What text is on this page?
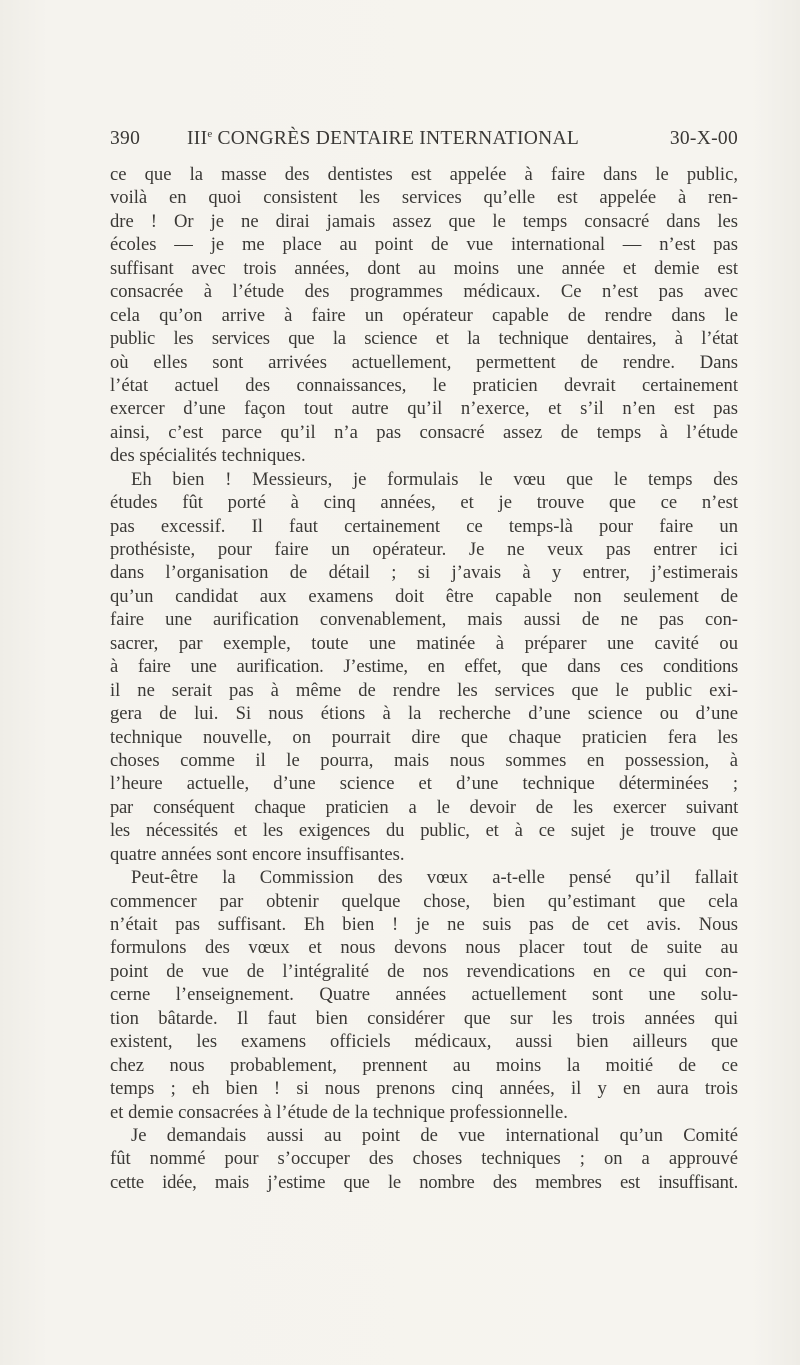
390 IIIe CONGRÈS DENTAIRE INTERNATIONAL	30-X-00
ce que la masse des dentistes est appelée à faire dans le public,
voilà en quoi consistent les services qu’elle est appelée à ren-
dre ! Or je ne dirai jamais assez que le temps consacré dans les
écoles — je me place au point de vue international — n’est pas
suffisant avec trois années, dont au moins une année et demie est
consacrée à l’étude des programmes médicaux. Ce n’est pas avec
cela qu’on arrive à faire un opérateur capable de rendre dans le
public les services que la science et la technique dentaires, à l’état
où elles sont arrivées actuellement, permettent de rendre. Dans
l’état actuel des connaissances, le praticien devrait certainement
exercer d’une façon tout autre qu’il n’exerce, et s’il n’en est pas
ainsi, c’est parce qu’il n’a pas consacré assez de temps à l’étude
des spécialités techniques.
Eh bien ! Messieurs, je formulais le vœu que le temps des
études fût porté à cinq années, et je trouve que ce n’est
pas excessif. Il faut certainement ce temps-là pour faire un
prothésiste, pour faire un opérateur. Je ne veux pas entrer ici
dans l’organisation de détail ; si j’avais à y entrer, j’estimerais
qu’un candidat aux examens doit être capable non seulement de
faire une aurification convenablement, mais aussi de ne pas con-
sacrer, par exemple, toute une matinée à préparer une cavité ou
à faire une aurification. J’estime, en effet, que dans ces conditions
il ne serait pas à même de rendre les services que le public exi-
gera de lui. Si nous étions à la recherche d’une science ou d’une
technique nouvelle, on pourrait dire que chaque praticien fera les
choses comme il le pourra, mais nous sommes en possession, à
l’heure actuelle, d’une science et d’une technique déterminées ;
par conséquent chaque praticien a le devoir de les exercer suivant
les nécessités et les exigences du public, et à ce sujet je trouve que
quatre années sont encore insuffisantes.
Peut-être la Commission des vœux a-t-elle pensé qu’il fallait
commencer par obtenir quelque chose, bien qu’estimant que cela
n’était pas suffisant. Eh bien ! je ne suis pas de cet avis. Nous
formulons des vœux et nous devons nous placer tout de suite au
point de vue de l’intégralité de nos revendications en ce qui con-
cerne l’enseignement. Quatre années actuellement sont une solu-
tion bâtarde. Il faut bien considérer que sur les trois années qui
existent, les examens officiels médicaux, aussi bien ailleurs que
chez nous probablement, prennent au moins la moitié de ce
temps ; eh bien ! si nous prenons cinq années, il y en aura trois
et demie consacrées à l’étude de la technique professionnelle.
Je demandais aussi au point de vue international qu’un Comité
fût nommé pour s’occuper des choses techniques ; on a approuvé
cette idée, mais j’estime que le nombre des membres est insuffisant.
